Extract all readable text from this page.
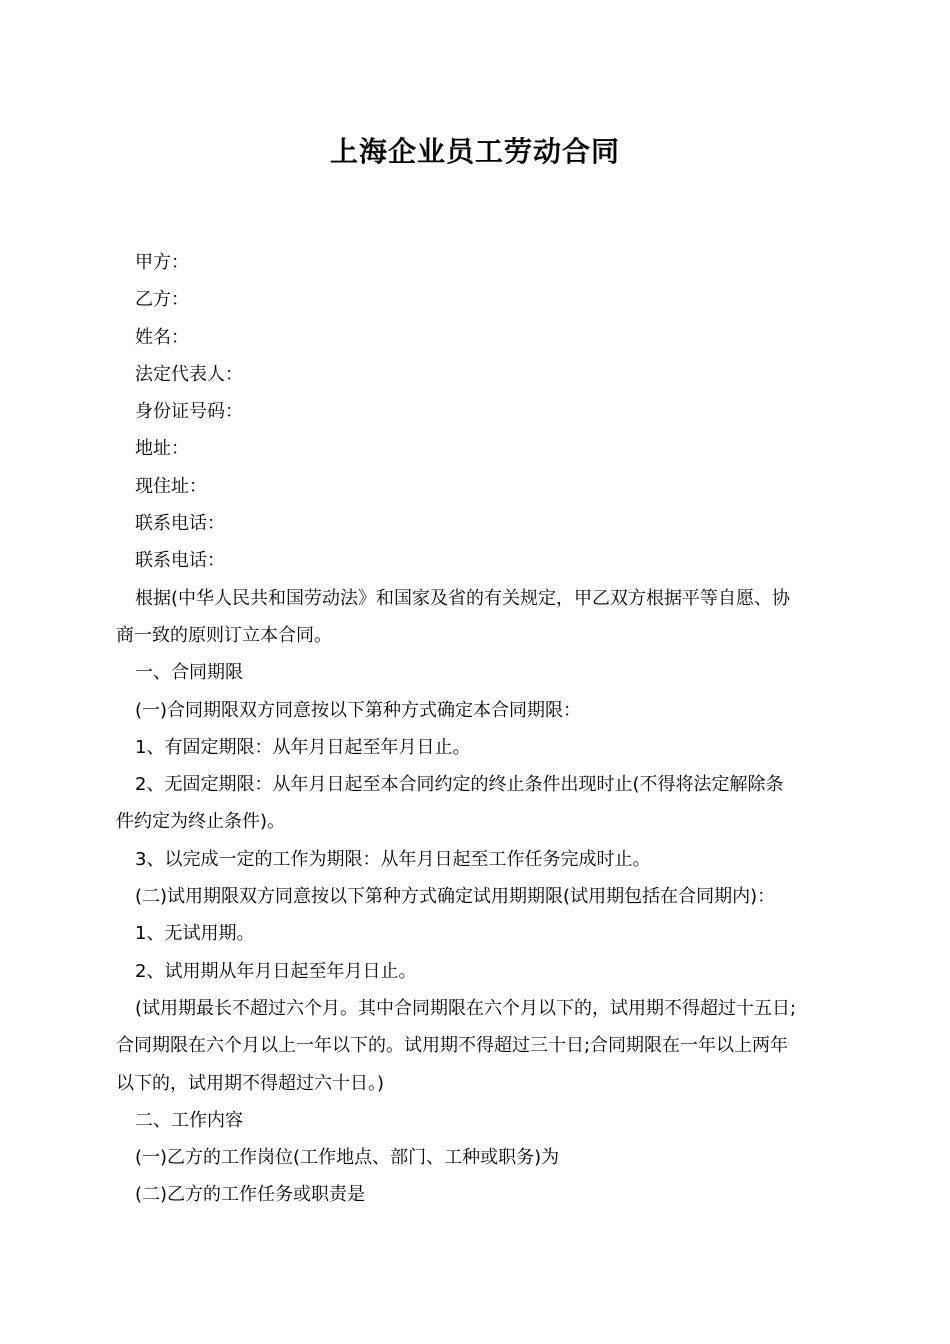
上海企业员工劳动合同
甲方：
乙方：
姓名：
法定代表人：
身份证号码：
地址：
现住址：
联系电话：
联系电话：
根据(中华人民共和国劳动法》和国家及省的有关规定，甲乙双方根据平等自愿、协
商一致的原则订立本合同。
一、合同期限
(一)合同期限双方同意按以下第种方式确定本合同期限：
1、有固定期限：从年月日起至年月日止。
2、无固定期限：从年月日起至本合同约定的终止条件出现时止(不得将法定解除条
件约定为终止条件)。
3、以完成一定的工作为期限：从年月日起至工作任务完成时止。
(二)试用期限双方同意按以下第种方式确定试用期期限(试用期包括在合同期内)：
1、无试用期。
2、试用期从年月日起至年月日止。
(试用期最长不超过六个月。其中合同期限在六个月以下的，试用期不得超过十五日;
合同期限在六个月以上一年以下的。试用期不得超过三十日;合同期限在一年以上两年
以下的，试用期不得超过六十日。)
二、工作内容
(一)乙方的工作岗位(工作地点、部门、工种或职务)为
(二)乙方的工作任务或职责是
